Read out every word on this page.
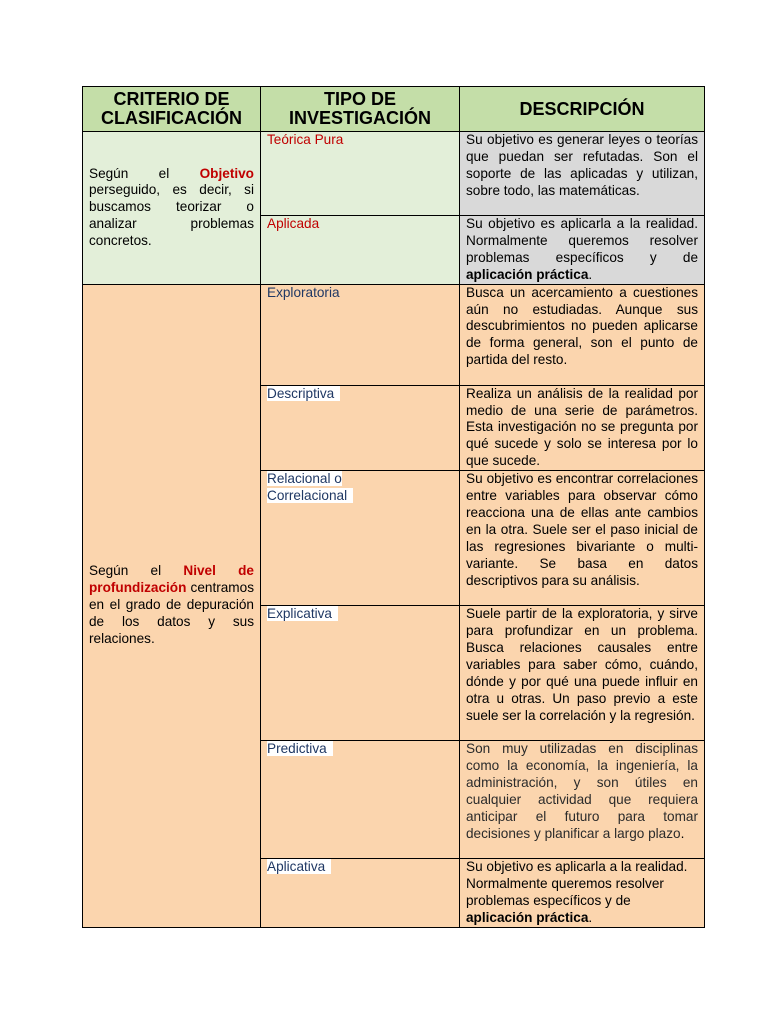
CRITERIO DE CLASIFICACIÓN	TIPO DE INVESTIGACIÓN	DESCRIPCIÓN
Según el Objetivo perseguido, es decir, si buscamos teorizar o analizar problemas concretos.	Teórica Pura	Su objetivo es generar leyes o teorías que puedan ser refutadas. Son el soporte de las aplicadas y utilizan, sobre todo, las matemáticas.
	Aplicada	Su objetivo es aplicarla a la realidad. Normalmente queremos resolver problemas específicos y de aplicación práctica.
Según el Nivel de profundización centramos en el grado de depuración de los datos y sus relaciones.	Exploratoria	Busca un acercamiento a cuestiones aún no estudiadas. Aunque sus descubrimientos no pueden aplicarse de forma general, son el punto de partida del resto.
	Descriptiva	Realiza un análisis de la realidad por medio de una serie de parámetros. Esta investigación no se pregunta por qué sucede y solo se interesa por lo que sucede.
	Relacional o Correlacional	Su objetivo es encontrar correlaciones entre variables para observar cómo reacciona una de ellas ante cambios en la otra. Suele ser el paso inicial de las regresiones bivariante o multi-variante. Se basa en datos descriptivos para su análisis.
	Explicativa	Suele partir de la exploratoria, y sirve para profundizar en un problema. Busca relaciones causales entre variables para saber cómo, cuándo, dónde y por qué una puede influir en otra u otras. Un paso previo a este suele ser la correlación y la regresión.
	Predictiva	Son muy utilizadas en disciplinas como la economía, la ingeniería, la administración, y son útiles en cualquier actividad que requiera anticipar el futuro para tomar decisiones y planificar a largo plazo.
	Aplicativa	Su objetivo es aplicarla a la realidad. Normalmente queremos resolver problemas específicos y de aplicación práctica.
